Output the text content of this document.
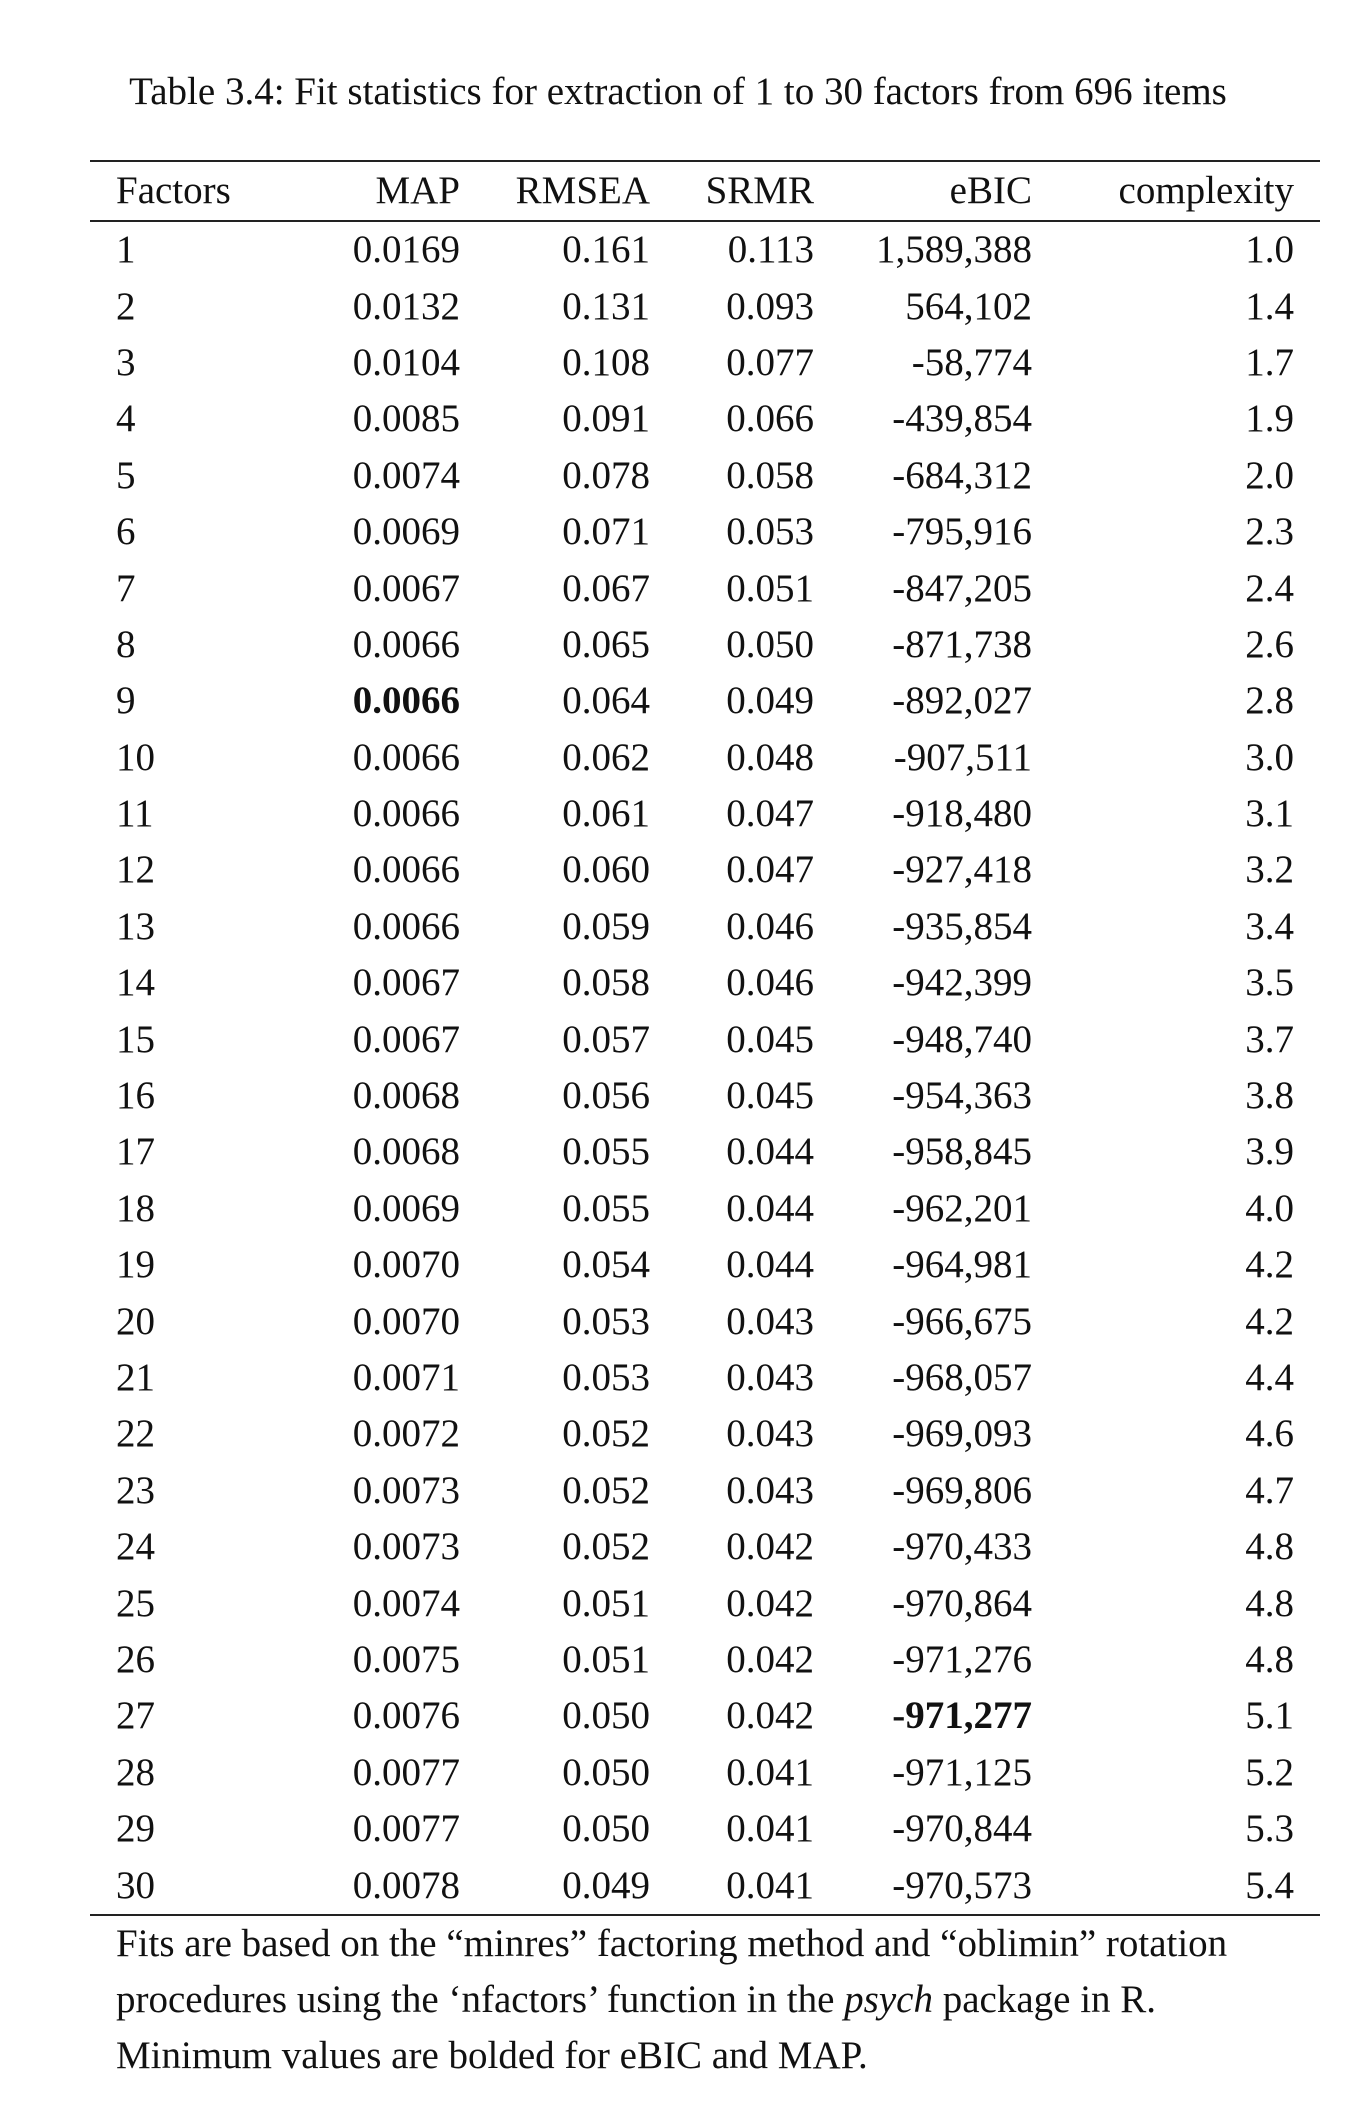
Table 3.4: Fit statistics for extraction of 1 to 30 factors from 696 items
Factors	MAP	RMSEA	SRMR	eBIC	complexity
1	0.0169	0.161	0.113	1,589,388	1.0
2	0.0132	0.131	0.093	564,102	1.4
3	0.0104	0.108	0.077	-58,774	1.7
4	0.0085	0.091	0.066	-439,854	1.9
5	0.0074	0.078	0.058	-684,312	2.0
6	0.0069	0.071	0.053	-795,916	2.3
7	0.0067	0.067	0.051	-847,205	2.4
8	0.0066	0.065	0.050	-871,738	2.6
9	0.0066	0.064	0.049	-892,027	2.8
10	0.0066	0.062	0.048	-907,511	3.0
11	0.0066	0.061	0.047	-918,480	3.1
12	0.0066	0.060	0.047	-927,418	3.2
13	0.0066	0.059	0.046	-935,854	3.4
14	0.0067	0.058	0.046	-942,399	3.5
15	0.0067	0.057	0.045	-948,740	3.7
16	0.0068	0.056	0.045	-954,363	3.8
17	0.0068	0.055	0.044	-958,845	3.9
18	0.0069	0.055	0.044	-962,201	4.0
19	0.0070	0.054	0.044	-964,981	4.2
20	0.0070	0.053	0.043	-966,675	4.2
21	0.0071	0.053	0.043	-968,057	4.4
22	0.0072	0.052	0.043	-969,093	4.6
23	0.0073	0.052	0.043	-969,806	4.7
24	0.0073	0.052	0.042	-970,433	4.8
25	0.0074	0.051	0.042	-970,864	4.8
26	0.0075	0.051	0.042	-971,276	4.8
27	0.0076	0.050	0.042	-971,277	5.1
28	0.0077	0.050	0.041	-971,125	5.2
29	0.0077	0.050	0.041	-970,844	5.3
30	0.0078	0.049	0.041	-970,573	5.4
Fits are based on the “minres” factoring method and “oblimin” rotation procedures using the ‘nfactors’ function in the psych package in R. Minimum values are bolded for eBIC and MAP.
